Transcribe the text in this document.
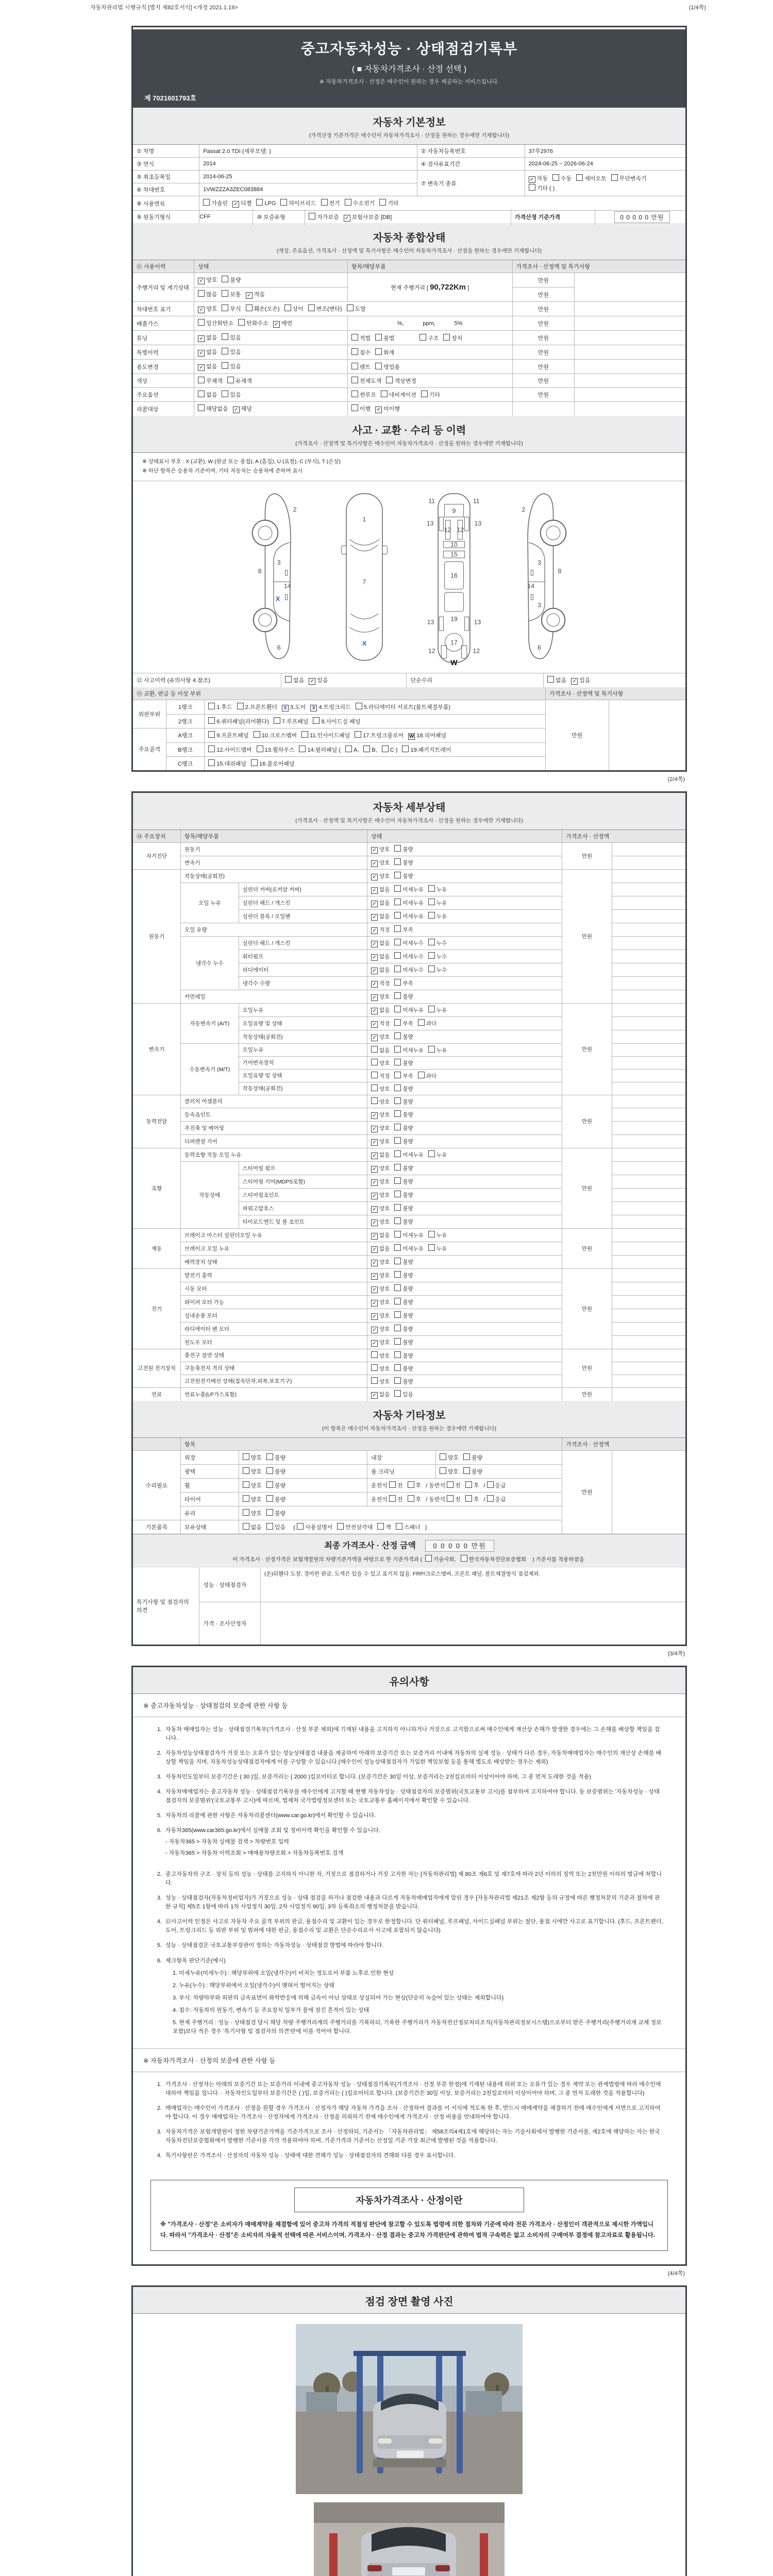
자동차관리법 시행규칙 [별지 제82호서식] <개정 2021.1.19>	(1/4쪽)
중고자동차성능 · 상태점검기록부
( ■ 자동차가격조사 · 산정 선택 )
※ 자동차가격조사 · 산정은 매수인이 원하는 경우 제공하는 서비스입니다.
제 7021601793호
자동차 기본정보
(가격산정 기준가격은 매수인이 자동차가격조사 · 산정을 원하는 경우에만 기재합니다)
① 차명	Passat 2.0 TDI (세부모델: )	② 자동차등록번호	37루2976
③ 연식	2014	④ 검사유효기간	2024-06-25 ~ 2026-06-24
⑤ 최초등록일	2014-06-25	⑦ 변속기 종류	✓ 자동 수동 세미오토 무단변속기기타 ( )
⑥ 차대번호	1VWZZZA3ZEC083884		
⑧ 사용연료	가솔린 ✓ 디젤 LPG 하이브리드 전기 수소전기 기타		
⑨ 원동기형식	CFF	⑩ 보증유형	자가보증 ✓ 보험사보증 [DB]	가격산정 기준가격	0 0 0 0 0 만원
자동차 종합상태
(색상, 주요옵션, 가격조사 · 산정액 및 특기사항은 매수인이 자동차가격조사 · 산정을 원하는 경우에만 기재합니다)
⑪ 사용이력	상태	항목/해당부품	가격조사 · 산정액 및 특기사항	
주행거리 및 계기상태	✓ 양호 불량	현재 주행거리 [ 90,722Km ]	만원	
	많음 보통 ✓ 적음		만원	
차대번호 표기	✓ 양호 부식 훼손(오손) 상이 변조(변타) 도말		만원	
배출가스	일산화탄소 탄화수소 ✓ 매연	%,            ppm,            5%	만원	
튜닝	✓ 없음 있음	적법 불법 구조 장치	만원	
특별이력	✓ 없음 있음	침수 화재	만원	
용도변경	✓ 없음 있음	렌트 영업용	만원	
색상	무채색 유채색	전체도색 색상변경	만원	
주요옵션	없음 있음	썬루프 네비게이션 기타	만원	
리콜대상	해당없음 ✓ 해당	이행 ✓ 미이행		
사고 · 교환 · 수리 등 이력
(가격조사 · 산정액 및 특기사항은 매수인이 자동차가격조사 · 산정을 원하는 경우에만 기재합니다)
※ 상태표시 부호 : X (교환), W (판금 또는 용접), A (흠집), U (요철), C (부식), T (손상)
※ 하단 항목은 승용차 기준이며, 기타 자동차는 승용차에 준하여 표시
2
8
3
14
X
6
1
7
X
11	11
9
13	13
12 12
10
15
16
19
13	13
17
12	12
W
2
3
8
14
3
6
⑫ 사고이력 (유의사항 4.참조)	없음 ✓ 있음	단순수리	없음 ✓ 있음
⑬ 교환, 판금 등 이상 부위			가격조사 · 산정액 및 특기사항	
외판부위	1랭크	1.후드 2.프론트휀더 X 3.도어 X 4.트렁크리드 5.라디에이터 서포트(볼트체결부품)	만원	
	2랭크	6.쿼터패널(리어휀다) 7.루프패널 8.사이드실 패널		
주요골격	A랭크	9.프론트패널 10.크로스멤버 11.인사이드패널 17.트렁크플로어 W 18.리어패널		
	B랭크	12.사이드멤버 13.휠하우스 14.필러패널 ( A, B, C ) 19.패키지트레이		
	C랭크	15.대쉬패널 16.플로어패널		
(2/4쪽)
자동차 세부상태
(가격조사 · 산정액 및 특기사항은 매수인이 자동차가격조사 · 산정을 원하는 경우에만 기재합니다)
⑭ 주요장치	항목/해당부품		상태	가격조사 · 산정액	
자기진단	원동기		✓ 양호 불량	만원	
	변속기		✓ 양호 불량		
원동기	작동상태(공회전)		✓ 양호 불량	만원	
	오일 누유	실린더 커버(로커암 커버)	✓ 없음 미세누유 누유		
		실린더 헤드 / 개스킷	✓ 없음 미세누유 누유		
		실린더 블록 / 오일팬	✓ 없음 미세누유 누유		
	오일 유량		✓ 적정 부족		
	냉각수 누수	실린더 헤드 / 개스킷	✓ 없음 미세누수 누수		
		워터펌프	✓ 없음 미세누수 누수		
		라디에이터	✓ 없음 미세누수 누수		
		냉각수 수량	✓ 적정 부족		
	커먼레일		✓ 양호 불량		
변속기	자동변속기 (A/T)	오일누유	✓ 없음 미세누유 누유	만원	
		오일유량 및 상태	✓ 적정 부족 과다		
		작동상태(공회전)	✓ 양호 불량		
	수동변속기 (M/T)	오일누유	없음 미세누유 누유		
		기어변속장치	양호 불량		
		오일유량 및 상태	적정 부족 과다		
		작동상태(공회전)	양호 불량		
동력전달	클러치 어셈블리		양호 불량	만원	
	등속죠인트		✓ 양호 불량		
	추진축 및 베어링		✓ 양호 불량		
	디퍼렌셜 기어		✓ 양호 불량		
조향	동력조향 작동 오일 누유		✓ 없음 미세누유 누유	만원	
	작동상태	스티어링 펌프	✓ 양호 불량		
		스티어링 기어(MDPS포함)	✓ 양호 불량		
		스티어링조인트	✓ 양호 불량		
		파워고압호스	✓ 양호 불량		
		타이로드엔드 및 볼 조인트	✓ 양호 불량		
제동	브레이크 마스터 실린더오일 누유		✓ 없음 미세누유 누유	만원	
	브레이크 오일 누유		✓ 없음 미세누유 누유		
	배력장치 상태		✓ 양호 불량		
전기	발전기 출력		✓ 양호 불량	만원	
	시동 모터		✓ 양호 불량		
	와이퍼 모터 기능		✓ 양호 불량		
	실내송풍 모터		✓ 양호 불량		
	라디에이터 팬 모터		✓ 양호 불량		
	윈도우 모터		✓ 양호 불량		
고전원 전기장치	충전구 절연 상태		양호 불량	만원	
	구동축전지 격리 상태		양호 불량		
	고전원전기배선 상태(접속단자,피복,보호기구)		양호 불량		
연료	연료누출(LP가스포함)		✓ 없음 있음	만원	
자동차 기타정보
(이 항목은 매수인이 자동차가격조사 · 산정을 원하는 경우에만 기재합니다)
	항목				가격조사 · 산정액	
수리필요	외장	양호 불량	내장	양호 불량	만원	
	광택	양호 불량	룸 크리닝	양호 불량		
	휠	양호 불량	운전석 전 후 / 동반석 전 후 / 응급			
	타이어	양호 불량	운전석 전 후 / 동반석 전 후 / 응급			
	유리	양호 불량				
기본품목	보유상태	없음 있음  ( 사용설명서 안전삼각대 잭 스패너 )				
최종 가격조사 · 산정 금액	0 0 0 0 0 만원
이 가격조사 · 산정가격은 보험개발원의 차량기준가액을 바탕으로 한 기준가격과 ( 기술사회, 한국자동차진단보증협회 ) 기준서를 적용하였음
특기사항 및 점검자의 의견	성능 · 상태점검자	(운)뒤휀다 도장, 경미한 판금, 도색은 있을 수 있고 표기치 않음. FRP/크로스멤버, 프론트 패널, 볼트체결방식 점검제외.
	가격 · 조사산정자	
(3/4쪽)
유의사항
※ 중고자동차성능 · 상태점검의 보증에 관한 사항 등
1. 자동차 매매업자는 성능 · 상태점검기록부(가격조사 · 산정 부분 제외)에 기재된 내용을 고지하지 아니하거나 거짓으로 고지함으로써 매수인에게 재산상 손해가 발생한 경우에는 그 손해를 배상할 책임을 집니다.
2. 자동차성능상태점검자가 거짓 또는 오류가 있는 성능상태점검 내용을 제공하여 아래의 보증기간 또는 보증거리 이내에 자동차의 실제 성능 · 상태가 다른 경우, 자동차매매업자는 매수인의 재산상 손해를 배상할 책임을 지며, 자동차성능상태점검자에게 이를 구상할 수 있습니다.(매수인이 성능상태점검자가 가입한 책임보험 등을 통해 별도로 배상받는 경우는 제외)
3. 자동차인도일부터 보증기간은 ( 30 )일, 보증거리는 ( 2000 )킬로미터로 합니다. (보증기간은 30일 이상, 보증거리는 2천킬로미터 이상이어야 하며, 그 중 먼저 도래한 것을 적용)
4. 자동차매매업자는 중고자동차 성능 · 상태점검기록부를 매수인에게 고지할 때 현행 자동차성능 · 상태점검자의 보증범위(국토교통부 고시)를 첨부하여 고지하여야 합니다. 동 보증범위는 '자동차성능 · 상태점검자의 보증범위'(국토교통부 고시)에 따르며, 법제처 국가법령정보센터 또는 국토교통부 홈페이지에서 확인할 수 있습니다.
5. 자동차의 리콜에 관한 사항은 자동차리콜센터(www.car.go.kr)에서 확인할 수 있습니다.
6. 자동차365(www.car365.go.kr)에서 실매물 조회 및 정비이력 확인을 확인할 수 있습니다.
- 자동차365 > 자동차 실매물 검색 > 차량번호 입력
- 자동차365 > 자동차 이력조회 > 매매용차량조회 > 자동차등록번호 검색
2. 중고자동차의 구조 · 장치 등의 성능 · 상태를 고지하지 아니한 자, 거짓으로 점검하거나 거짓 고지한 자는 [자동차관리법] 제 80조 제6호 및 제7호에 따라 2년 이하의 징역 또는 2천만원 이하의 벌금에 처합니다.
3. 성능 · 상태점검자(자동차정비업자)가 거짓으로 성능 · 상태 점검을 하거나 점검한 내용과 다르게 자동차매매업자에게 알린 경우 [자동차관리법 제21조 제2항 등의 규정에 따른 행정처분의 기준과 절차에 관한 규칙] 제5조 1항에 따라 1차 사업정지 30일, 2차 사업정지 90일, 3차 등록취소의 행정처분을 받습니다.
4. ⑫사고이력 인정은 사고로 자동차 주요 골격 부위의 판금, 용접수리 및 교환이 있는 경우로 한정합니다. 단 쿼터패널, 루프패널, 사이드실패널 부위는 절단, 용접 시에만 사고로 표기합니다. (후드, 프론트펜더, 도어, 트렁크리드 등 외판 부위 및 범퍼에 대한 판금, 용접수리 및 교환은 단순수리로서 사고에 포함되지 않습니다)
5. 성능 · 상태점검은 국토교통부장관이 정하는 자동차성능 · 상태점검 방법에 따라야 합니다.
6. 체크항목 판단기준(예시)
1. 미세누유(미세누수) : 해당부위에 오일(냉각수)이 비치는 정도로서 부품 노후로 인한 현상
2. 누유(누수) : 해당부위에서 오일(냉각수)이 맺혀서 떨어지는 상태
3. 부식: 차량하부와 외판의 금속표면이 화학반응에 의해 금속이 아닌 상태로 상실되어 가는 현상(단순히 녹슬어 있는 상태는 제외합니다)
4. 침수: 자동차의 원동기, 변속기 등 주요장치 일부가 물에 잠긴 흔적이 있는 상태
5. 현재 주행거리 : 성능 · 상태점검 당시 해당 차량 주행거리계의 주행거리를 기록하되, 기록한 주행거리가 자동차전산정보처리조직(자동차관리정보시스템)으로부터 받은 주행거리(주행거리계 교체 정보 포함)보다 적은 경우 '특기사항 및 점검자의 의견'란에 이를 적어야 합니다.
※ 자동차가격조사 · 산정의 보증에 관한 사항 등
1. 가격조사 · 산정자는 아래의 보증기간 또는 보증거리 이내에 중고자동차 성능 · 상태점검기록부(가격조사 · 산정 부분 한정)에 기재된 내용에 허위 또는 오류가 있는 경우 계약 또는 관계법령에 따라 매수인에 대하여 책임을 집니다. · 자동차인도일부터 보증기간은 ( )일, 보증거리는 ( )킬로미터로 합니다. (보증기간은 30일 이상, 보증거리는 2천킬로미터 이상이어야 하며, 그 중 먼저 도래한 것을 적용합니다)
2. 매매업자는 매수인이 가격조사 · 산정을 원할 경우 가격조사 · 산정자가 해당 자동차 가격을 조사 · 산정하여 결과를 이 서식에 적도록 한 후, 반드시 매매계약을 체결하기 전에 매수인에게 서면으로 고지하여야 합니다. 이 경우 매매업자는 가격조사 · 산정자에게 가격조사 · 산정을 의뢰하기 전에 매수인에게 가격조사 · 산정 비용을 안내하여야 합니다.
3. 자동차가격은 보험개발원이 정한 차량기준가액을 기준가격으로 조사 · 산정하되, 기준서는 「자동차관리법」 제58조의4제1호에 해당하는 자는 기술사회에서 발행한 기준서를, 제2호에 해당하는 자는 한국자동차진단보증협회에서 발행한 기준서를 각각 적용하여야 하며, 기준가격과 기준서는 산정일 기준 가장 최근에 발행된 것을 적용합니다.
4. 특기사항란은 가격조사 · 산정자의 자동차 성능 · 상태에 대한 견해가 성능 · 상태점검자의 견해와 다를 경우 표시합니다.
자동차가격조사 · 산정이란
※ "가격조사 · 산정"은 소비자가 매매계약을 체결함에 있어 중고차 가격의 적절성 판단에 참고할 수 있도록 법령에 의한 절차와 기준에 따라 전문 가격조사 · 산정인이 객관적으로 제시한 가액입니다. 따라서 "가격조사 · 산정"은 소비자의 자율적 선택에 따른 서비스이며, 가격조사 · 산정 결과는 중고차 가격판단에 관하여 법적 구속력은 없고 소비자의 구매여부 결정에 참고자료로 활용됩니다.
(4/4쪽)
점검 장면 촬영 사진
